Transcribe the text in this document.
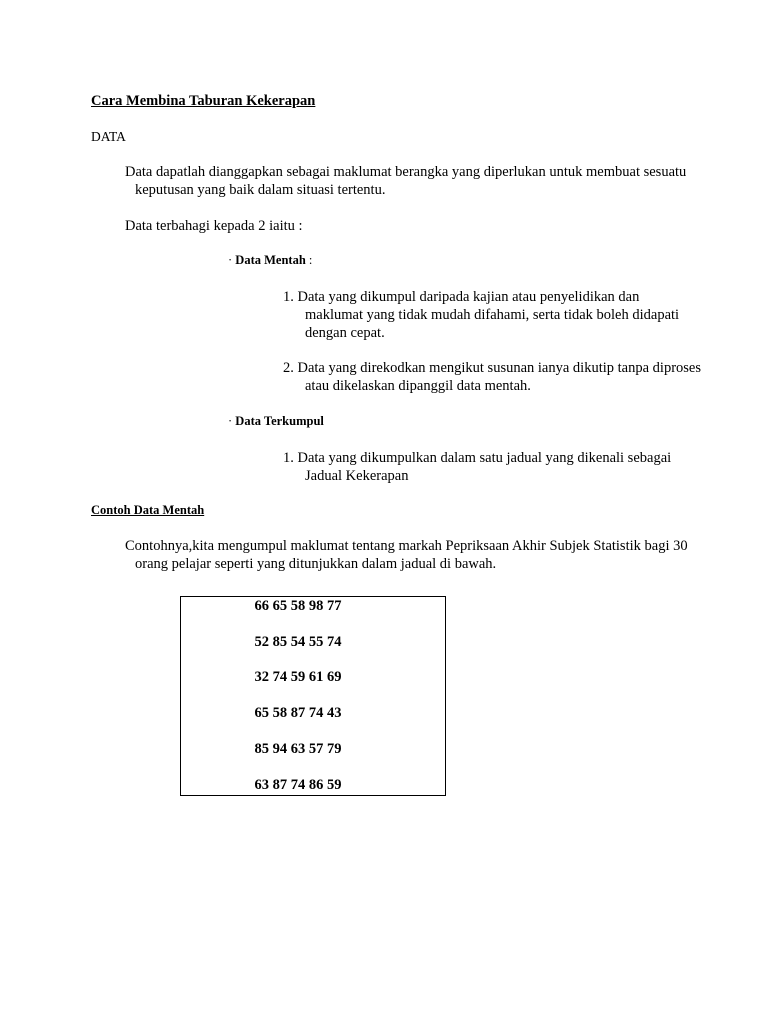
Cara Membina Taburan Kekerapan

DATA

Data dapatlah dianggapkan sebagai maklumat berangka yang diperlukan untuk membuat sesuatu keputusan yang baik dalam situasi tertentu.

Data terbahagi kepada 2 iaitu :

· Data Mentah :

1. Data yang dikumpul daripada kajian atau penyelidikan dan maklumat yang tidak mudah difahami, serta tidak boleh didapati dengan cepat.

2. Data yang direkodkan mengikut susunan ianya dikutip tanpa diproses atau dikelaskan dipanggil data mentah.

· Data Terkumpul

1. Data yang dikumpulkan dalam satu jadual yang dikenali sebagai Jadual Kekerapan

Contoh Data Mentah

Contohnya,kita mengumpul maklumat tentang markah Pepriksaan Akhir Subjek Statistik bagi 30 orang pelajar seperti yang ditunjukkan dalam jadual di bawah.

66 65 58 98 77
52 85 54 55 74
32 74 59 61 69
65 58 87 74 43
85 94 63 57 79
63 87 74 86 59
